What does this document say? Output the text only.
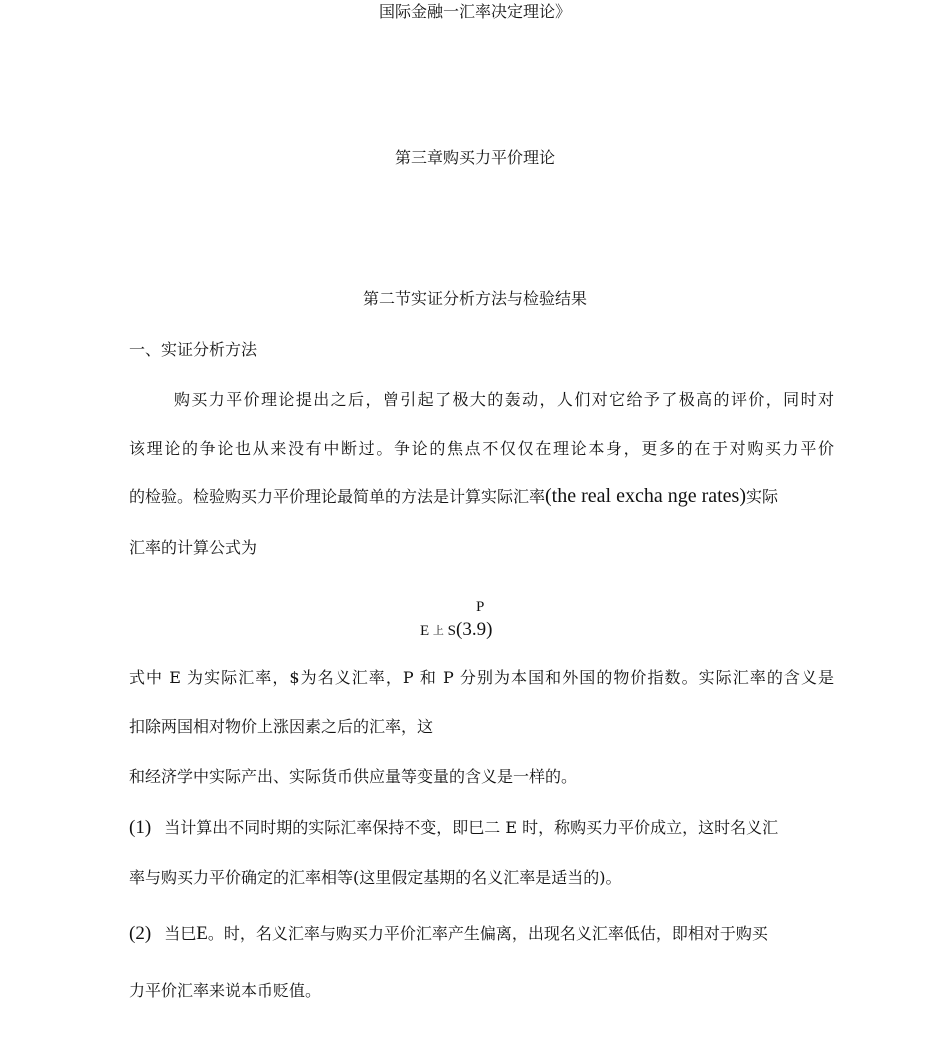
国际金融一汇率决定理论》
第三章购买力平价理论
第二节实证分析方法与检验结果
一、实证分析方法
购买力平价理论提出之后，曾引起了极大的轰动，人们对它给予了极高的评价，同时对
该理论的争论也从来没有中断过。争论的焦点不仅仅在理论本身，更多的在于对购买力平价
的检验。检验购买力平价理论最简单的方法是计算实际汇率(the real excha nge rates)实际
汇率的计算公式为
P
E 上 S(3.9)
式中 E 为实际汇率，$为名义汇率，P 和 P 分别为本国和外国的物价指数。实际汇率的含义是
扣除两国相对物价上涨因素之后的汇率，这
和经济学中实际产出、实际货币供应量等变量的含义是一样的。
(1) 当计算出不同时期的实际汇率保持不变，即巳二 E 时，称购买力平价成立，这时名义汇
率与购买力平价确定的汇率相等(这里假定基期的名义汇率是适当的)。
(2) 当巳E。时，名义汇率与购买力平价汇率产生偏离，出现名义汇率低估，即相对于购买
力平价汇率来说本币贬值。
